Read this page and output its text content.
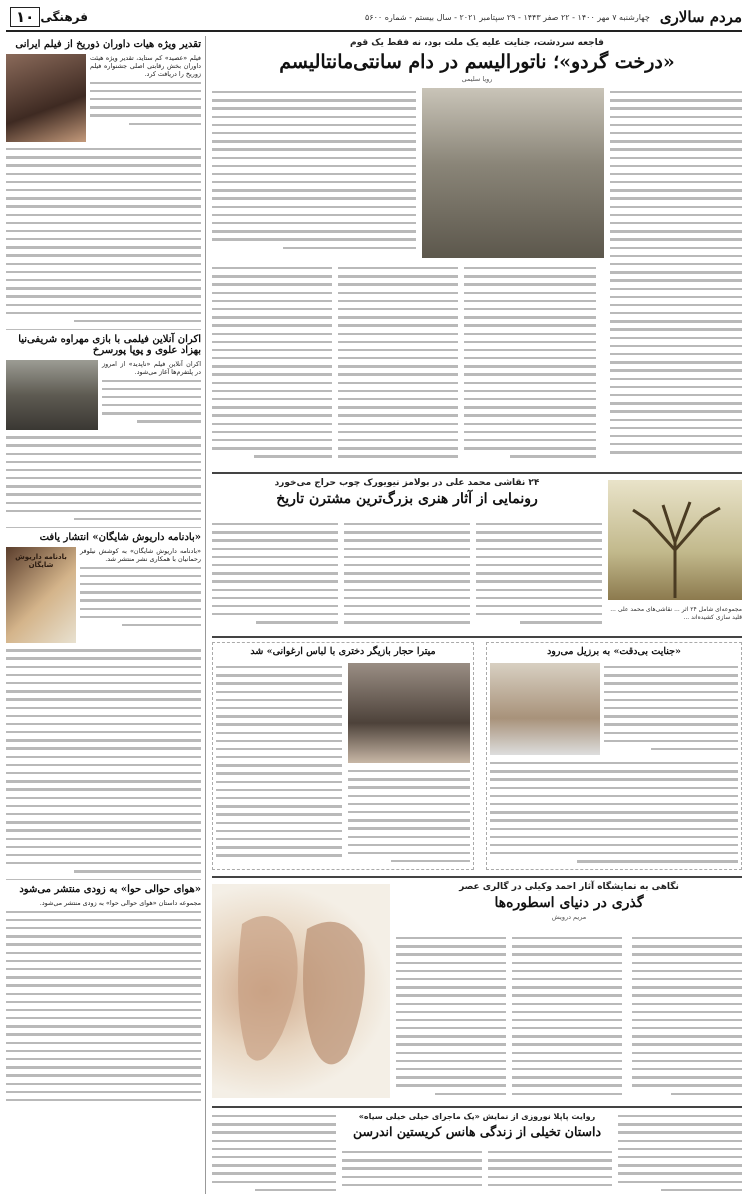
مردم سالاری
چهارشنبه ۷ مهر ۱۴۰۰ - ۲۲ صفر ۱۴۴۳ - ۲۹ سپتامبر ۲۰۲۱ - سال بیستم - شماره ۵۶۰۰
فرهنگی
۱۰
تقدیر ویژه هیات داوران ذوریخ از فیلم ایرانی
فیلم «عصید» کم ستاید، تقدیر ویژه هیئت داوران بخش رقابتی اصلی جشنواره فیلم زوریخ را دریافت کرد.
اکران آنلاین فیلمی با بازی مهراوه شریفی‌نیا بهزاد علوی و پوپا پورسرخ
اکران آنلاین فیلم «ناپدید» از امروز در پلتفرم‌ها آغاز می‌شود.
«بادنامه داریوش شایگان» انتشار یافت
«بادنامه داریوش شایگان» به کوشش نیلوفر رحمانیان با همکاری نشر منتشر شد.
بادنامه داریوش شایگان
«هوای حوالی حوا» به زودی منتشر می‌شود
مجموعه داستان «هوای حوالی حوا» به زودی منتشر می‌شود.
فاجعه سرد‌شت، جنایت علیه یک ملت بود، نه فقط یک قوم
«درخت گردو»؛ ناتورالیسم در دام سانتی‌مانتالیسم
رویا سلیمی
۲۴ نقاشی محمد علی در بولامز نیویورک چوب حراج می‌خورد
رونمایی از آثار هنری بزرگ‌ترین مشترن تاریخ
مجموعه‌ای شامل ۲۴ اثر ... نقاشی‌های محمد علی ... قلید سازی کشیده‌اند ...
میترا حجار بازیگر دختری با لباس ارغوانی» شد	«جنایت بی‌دقت» به برزیل می‌رود
نگاهی به نمایشگاه آثار احمد وکیلی در گالری عصر
گذری در دنیای اسطوره‌ها
مریم درویش
روایت پاپلا نوروزی از نمایش «یک ماجرای خیلی خیلی سیاه»
داستان تخیلی از زندگی هانس کریستین اندرسن
